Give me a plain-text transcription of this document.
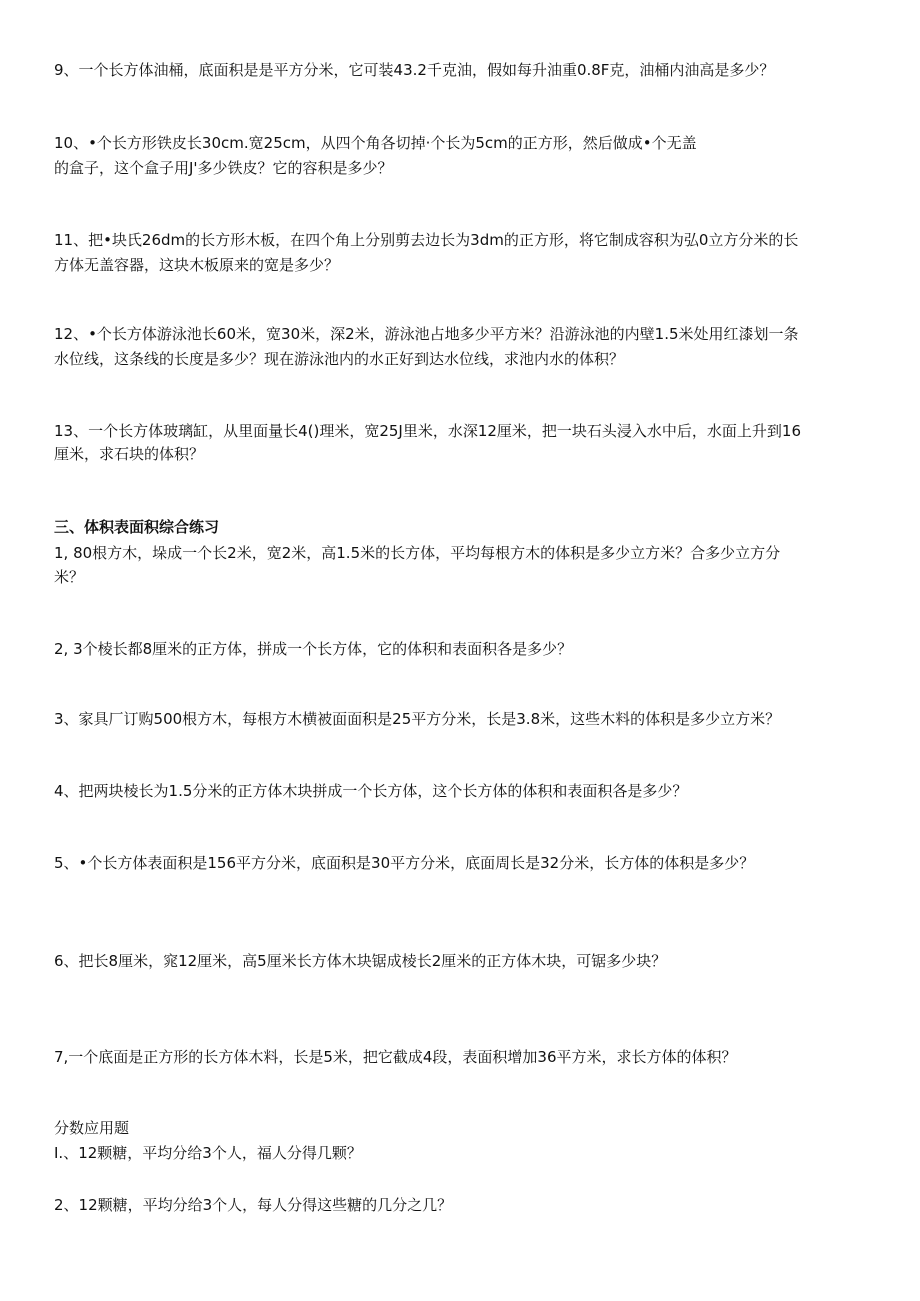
9、一个长方体油桶，底面积是是平方分米，它可装43.2千克油，假如每升油重0.8F克，油桶内油高是多少？

10、•个长方形铁皮长30cm.宽25cm，从四个角各切掉·个长为5cm的正方形，然后做成•个无盖

的盒子，这个盒子用J'多少铁皮？它的容积是多少？

11、把•块氏26dm的长方形木板，在四个角上分别剪去边长为3dm的正方形，将它制成容积为弘0立方分米的长

方体无盖容器，这块木板原来的宽是多少？

12、•个长方体游泳池长60米，宽30米，深2米，游泳池占地多少平方米？沿游泳池的内壁1.5米处用红漆划一条

水位线，这条线的长度是多少？现在游泳池内的水正好到达水位线，求池内水的体积？

13、一个长方体玻璃缸，从里面量长4()理米，宽25J里米，水深12厘米，把一块石头浸入水中后，水面上升到16

厘米，求石块的体积？

三、体积表面积综合练习

1, 80根方木，垛成一个长2米，宽2米，高1.5米的长方体，平均每根方木的体积是多少立方米？合多少立方分

米？

2, 3个棱长都8厘米的正方体，拼成一个长方体，它的体积和表面积各是多少？

3、家具厂订购500根方木，每根方木横被面面积是25平方分米，长是3.8米，这些木料的体积是多少立方米？

4、把两块棱长为1.5分米的正方体木块拼成一个长方体，这个长方体的体积和表面积各是多少？

5、•个长方体表面积是156平方分米，底面积是30平方分米，底面周长是32分米，长方体的体积是多少？

6、把长8厘米，窕12厘米，高5厘米长方体木块锯成棱长2厘米的正方体木块，可锯多少块？

7,一个底面是正方形的长方体木料，长是5米，把它截成4段，表面积增加36平方米，求长方体的体积？

分数应用题

I.、12颗糖，平均分给3个人，福人分得几颗？

2、12颗糖，平均分给3个人，每人分得这些糖的几分之几？
